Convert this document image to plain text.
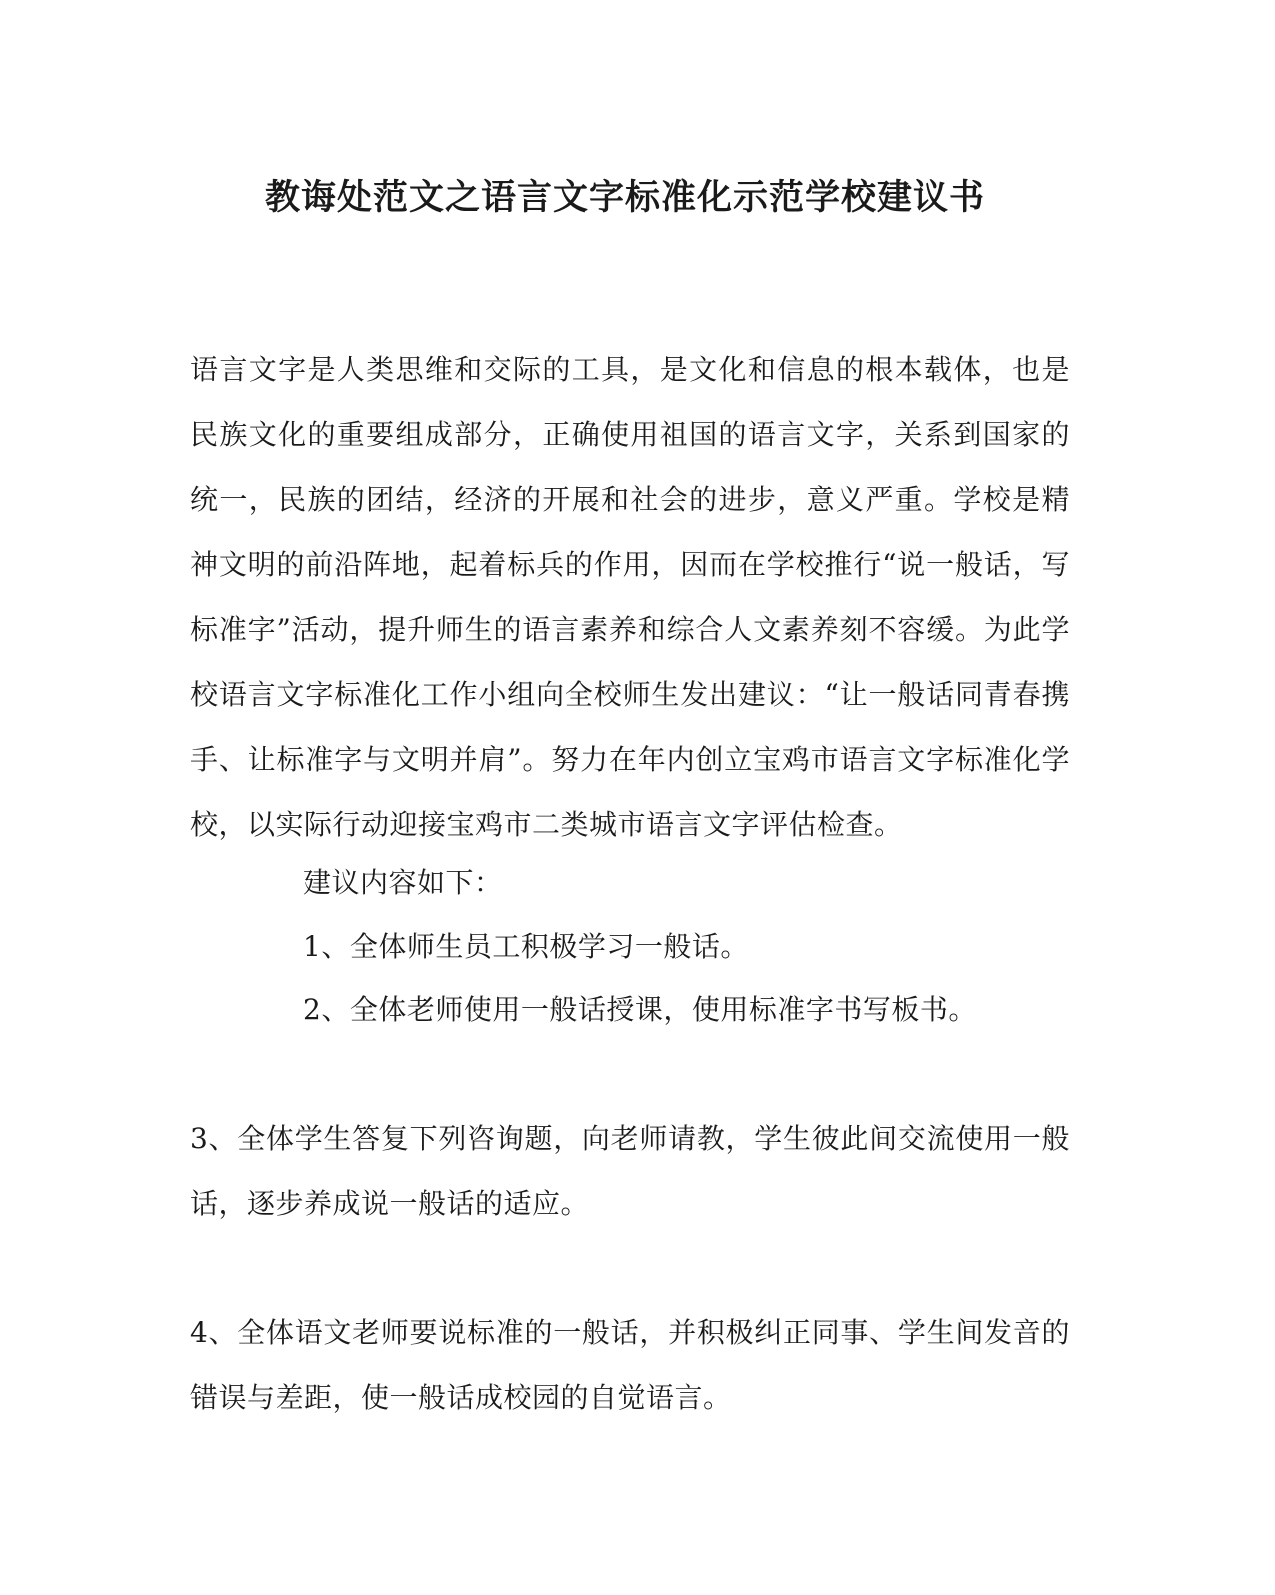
教诲处范文之语言文字标准化示范学校建议书
语言文字是人类思维和交际的工具，是文化和信息的根本载体，也是民族文化的重要组成部分，正确使用祖国的语言文字，关系到国家的统一，民族的团结，经济的开展和社会的进步，意义严重。学校是精神文明的前沿阵地，起着标兵的作用，因而在学校推行“说一般话，写标准字”活动，提升师生的语言素养和综合人文素养刻不容缓。为此学校语言文字标准化工作小组向全校师生发出建议：“让一般话同青春携手、让标准字与文明并肩”。努力在年内创立宝鸡市语言文字标准化学校，以实际行动迎接宝鸡市二类城市语言文字评估检查。
建议内容如下：
1、全体师生员工积极学习一般话。
2、全体老师使用一般话授课，使用标准字书写板书。
3、全体学生答复下列咨询题，向老师请教，学生彼此间交流使用一般话，逐步养成说一般话的适应。
4、全体语文老师要说标准的一般话，并积极纠正同事、学生间发音的错误与差距，使一般话成校园的自觉语言。
